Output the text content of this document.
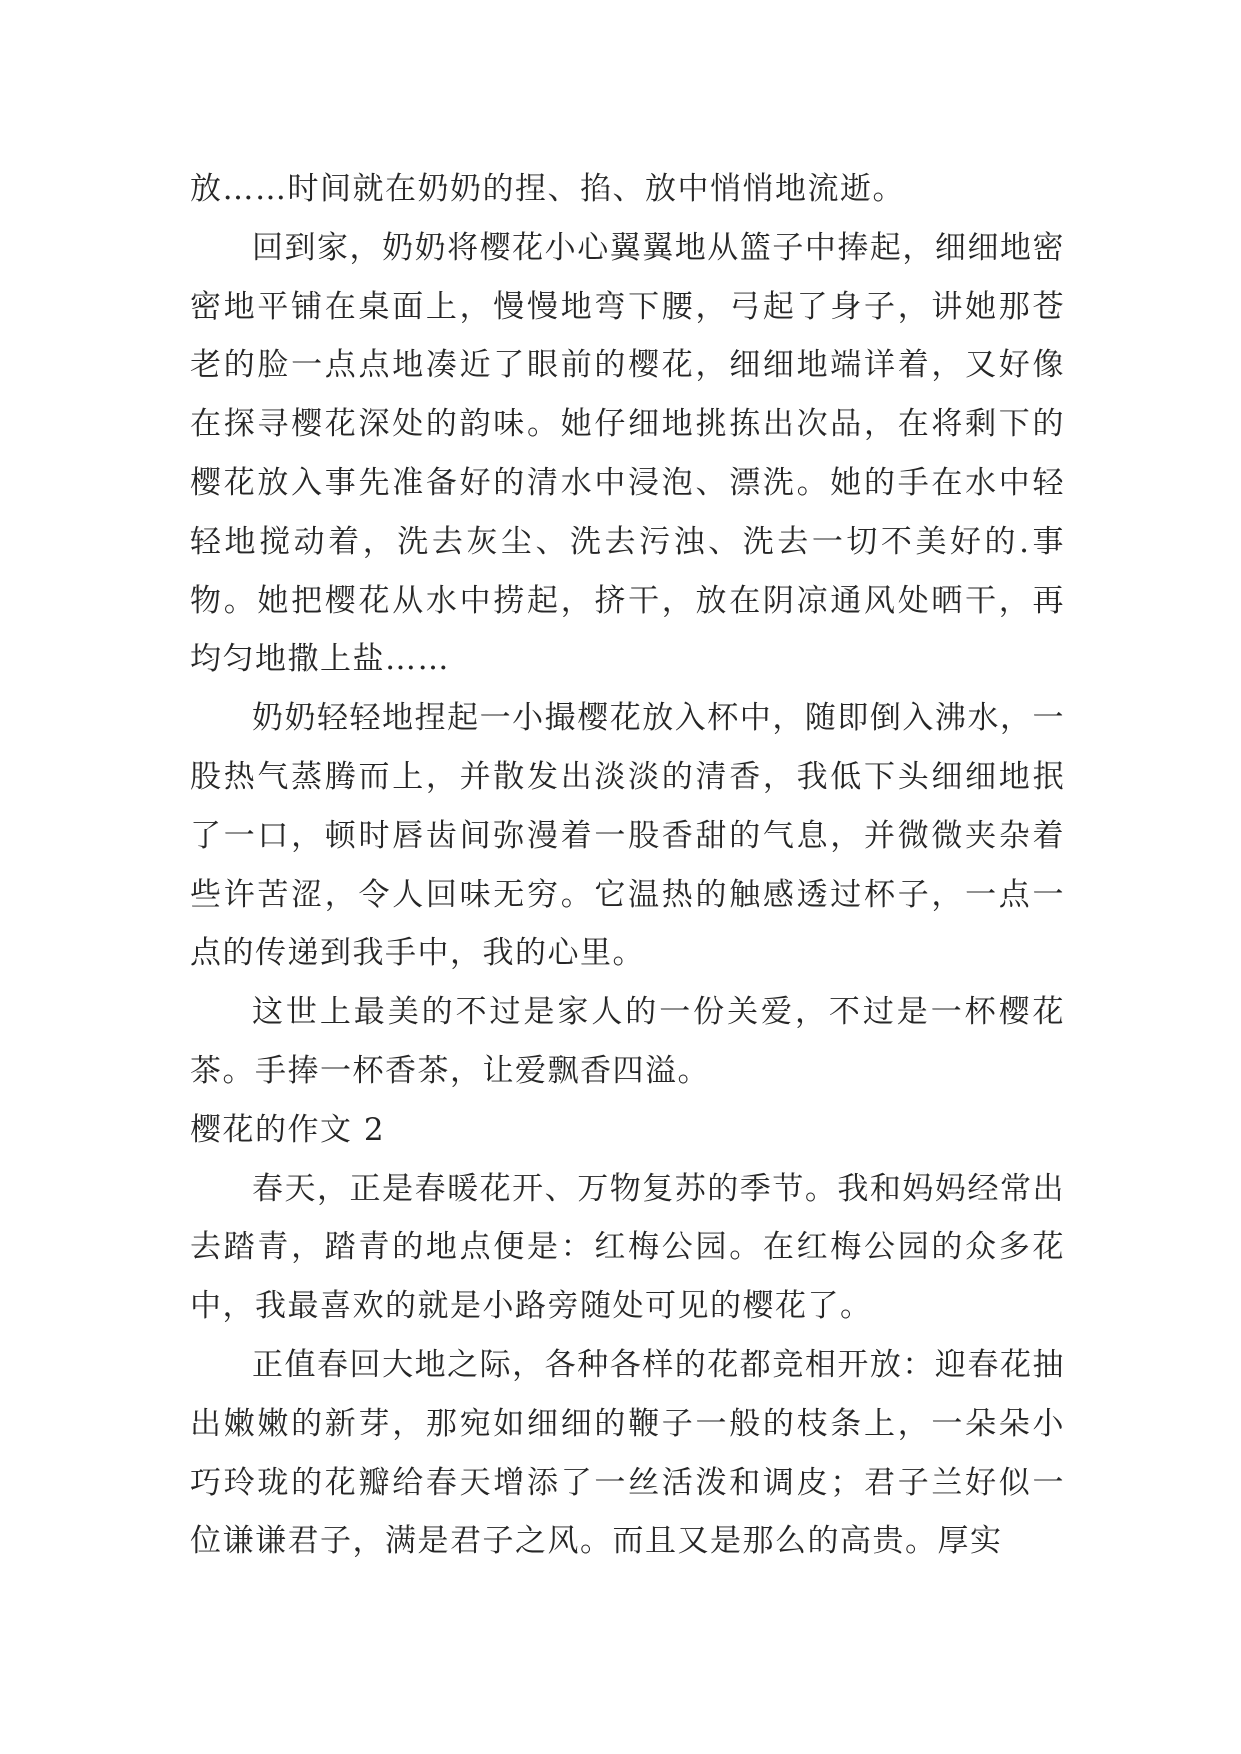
放……时间就在奶奶的捏、掐、放中悄悄地流逝。

回到家，奶奶将樱花小心翼翼地从篮子中捧起，细细地密密地平铺在桌面上，慢慢地弯下腰，弓起了身子，讲她那苍老的脸一点点地凑近了眼前的樱花，细细地端详着，又好像在探寻樱花深处的韵味。她仔细地挑拣出次品，在将剩下的樱花放入事先准备好的清水中浸泡、漂洗。她的手在水中轻轻地搅动着，洗去灰尘、洗去污浊、洗去一切不美好的.事物。她把樱花从水中捞起，挤干，放在阴凉通风处晒干，再均匀地撒上盐……

奶奶轻轻地捏起一小撮樱花放入杯中，随即倒入沸水，一股热气蒸腾而上，并散发出淡淡的清香，我低下头细细地抿了一口，顿时唇齿间弥漫着一股香甜的气息，并微微夹杂着些许苦涩，令人回味无穷。它温热的触感透过杯子，一点一点的传递到我手中，我的心里。

这世上最美的不过是家人的一份关爱，不过是一杯樱花茶。手捧一杯香茶，让爱飘香四溢。

樱花的作文 2

春天，正是春暖花开、万物复苏的季节。我和妈妈经常出去踏青，踏青的地点便是：红梅公园。在红梅公园的众多花中，我最喜欢的就是小路旁随处可见的樱花了。

正值春回大地之际，各种各样的花都竞相开放：迎春花抽出嫩嫩的新芽，那宛如细细的鞭子一般的枝条上，一朵朵小巧玲珑的花瓣给春天增添了一丝活泼和调皮；君子兰好似一位谦谦君子，满是君子之风。而且又是那么的高贵。厚实
